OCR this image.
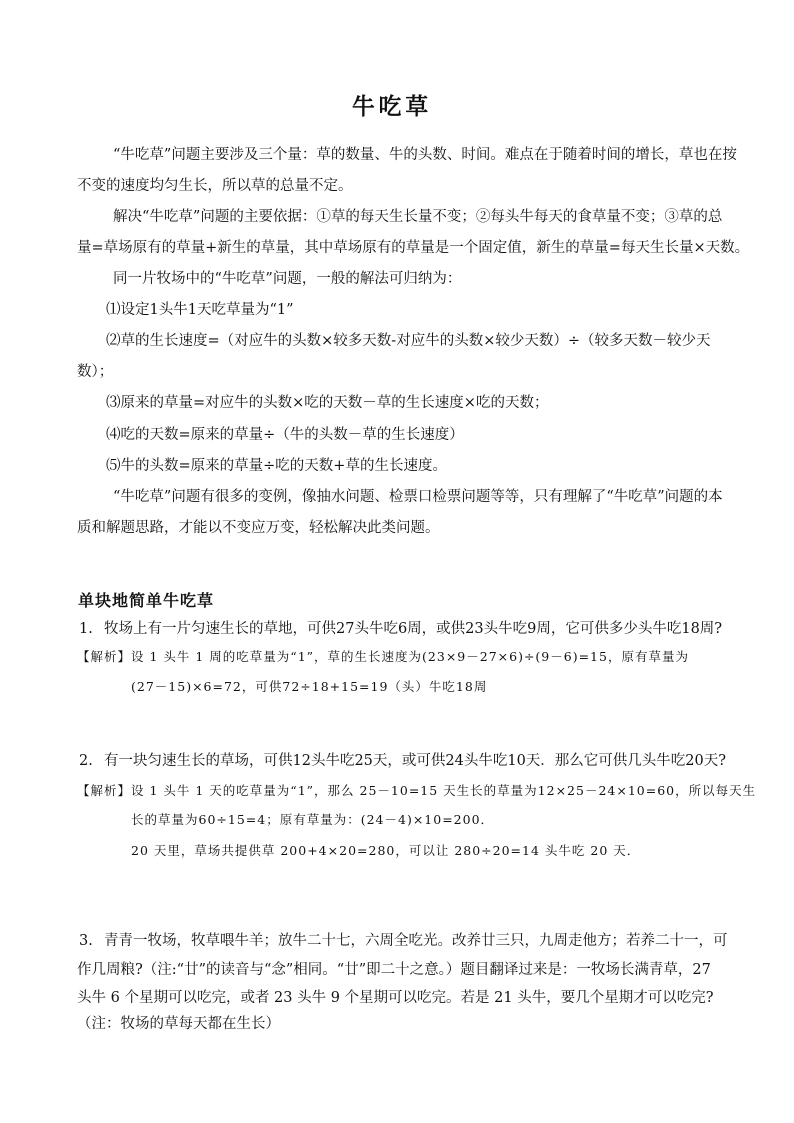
牛吃草
“牛吃草”问题主要涉及三个量：草的数量、牛的头数、时间。难点在于随着时间的增长，草也在按
不变的速度均匀生长，所以草的总量不定。
解决“牛吃草”问题的主要依据：①草的每天生长量不变；②每头牛每天的食草量不变；③草的总
量=草场原有的草量+新生的草量，其中草场原有的草量是一个固定值，新生的草量=每天生长量×天数。
同一片牧场中的“牛吃草”问题，一般的解法可归纳为：
⑴设定1头牛1天吃草量为“1”
⑵草的生长速度=（对应牛的头数×较多天数-对应牛的头数×较少天数）÷（较多天数－较少天
数）；
⑶原来的草量=对应牛的头数×吃的天数－草的生长速度×吃的天数；
⑷吃的天数=原来的草量÷（牛的头数－草的生长速度）
⑸牛的头数=原来的草量÷吃的天数+草的生长速度。
“牛吃草”问题有很多的变例，像抽水问题、检票口检票问题等等，只有理解了“牛吃草”问题的本
质和解题思路，才能以不变应万变，轻松解决此类问题。
单块地简单牛吃草
1. 牧场上有一片匀速生长的草地，可供27头牛吃6周，或供23头牛吃9周，它可供多少头牛吃18周?
【解析】设 1 头牛 1 周的吃草量为“1”，草的生长速度为(23×9－27×6)÷(9－6)=15，原有草量为
(27－15)×6=72，可供72÷18+15=19（头）牛吃18周
2. 有一块匀速生长的草场，可供12头牛吃25天，或可供24头牛吃10天．那么它可供几头牛吃20天?
【解析】设 1 头牛 1 天的吃草量为“1”，那么 25－10=15 天生长的草量为12×25－24×10=60，所以每天生
长的草量为60÷15=4；原有草量为：(24－4)×10=200．
20 天里，草场共提供草 200+4×20=280，可以让 280÷20=14 头牛吃 20 天．
3. 青青一牧场，牧草喂牛羊；放牛二十七，六周全吃光。改养廿三只，九周走他方；若养二十一，可
作几周粮?（注:“廿”的读音与“念”相同。“廿”即二十之意。）题目翻译过来是：一牧场长满青草，27
头牛 6 个星期可以吃完，或者 23 头牛 9 个星期可以吃完。若是 21 头牛，要几个星期才可以吃完?
（注：牧场的草每天都在生长）
